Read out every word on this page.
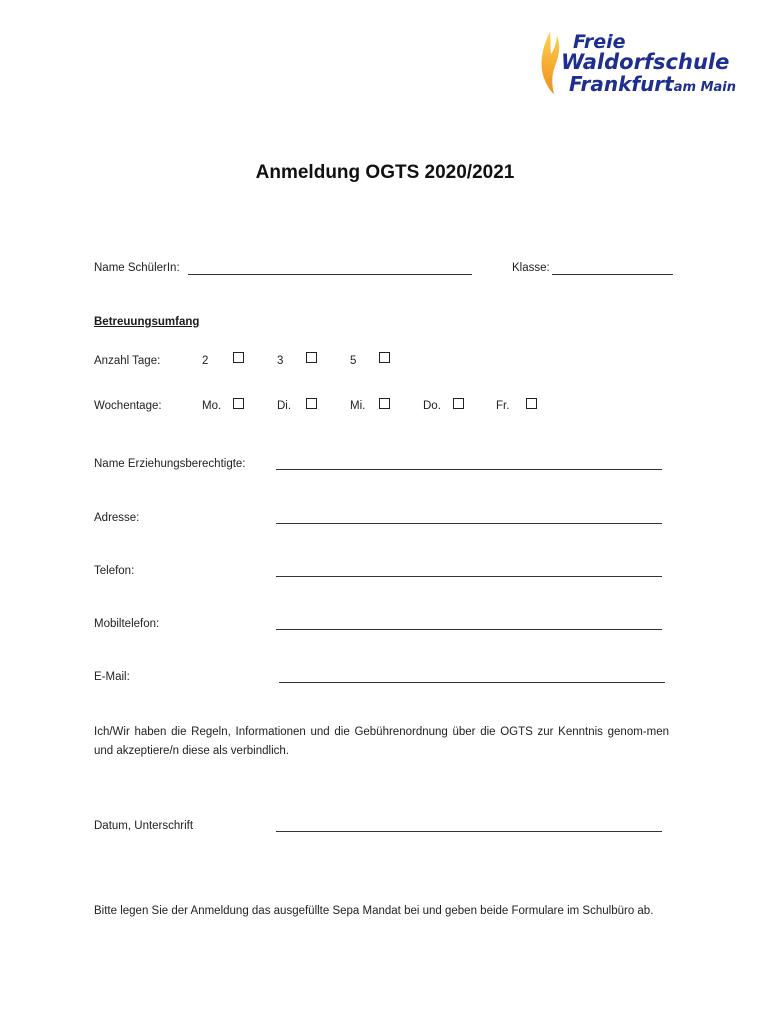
Freie
Waldorfschule
Frankfurtam Main
Anmeldung OGTS 2020/2021
Name SchülerIn:	Klasse:
Betreuungsumfang
Anzahl Tage:	2	3	5
Wochentage:	Mo.	Di.	Mi.	Do.	Fr.
Name Erziehungsberechtigte:
Adresse:
Telefon:
Mobiltelefon:
E-Mail:
Ich/Wir haben die Regeln, Informationen und die Gebührenordnung über die OGTS zur Kenntnis genom-men und akzeptiere/n diese als verbindlich.
Datum, Unterschrift
Bitte legen Sie der Anmeldung das ausgefüllte Sepa Mandat bei und geben beide Formulare im Schulbüro ab.
